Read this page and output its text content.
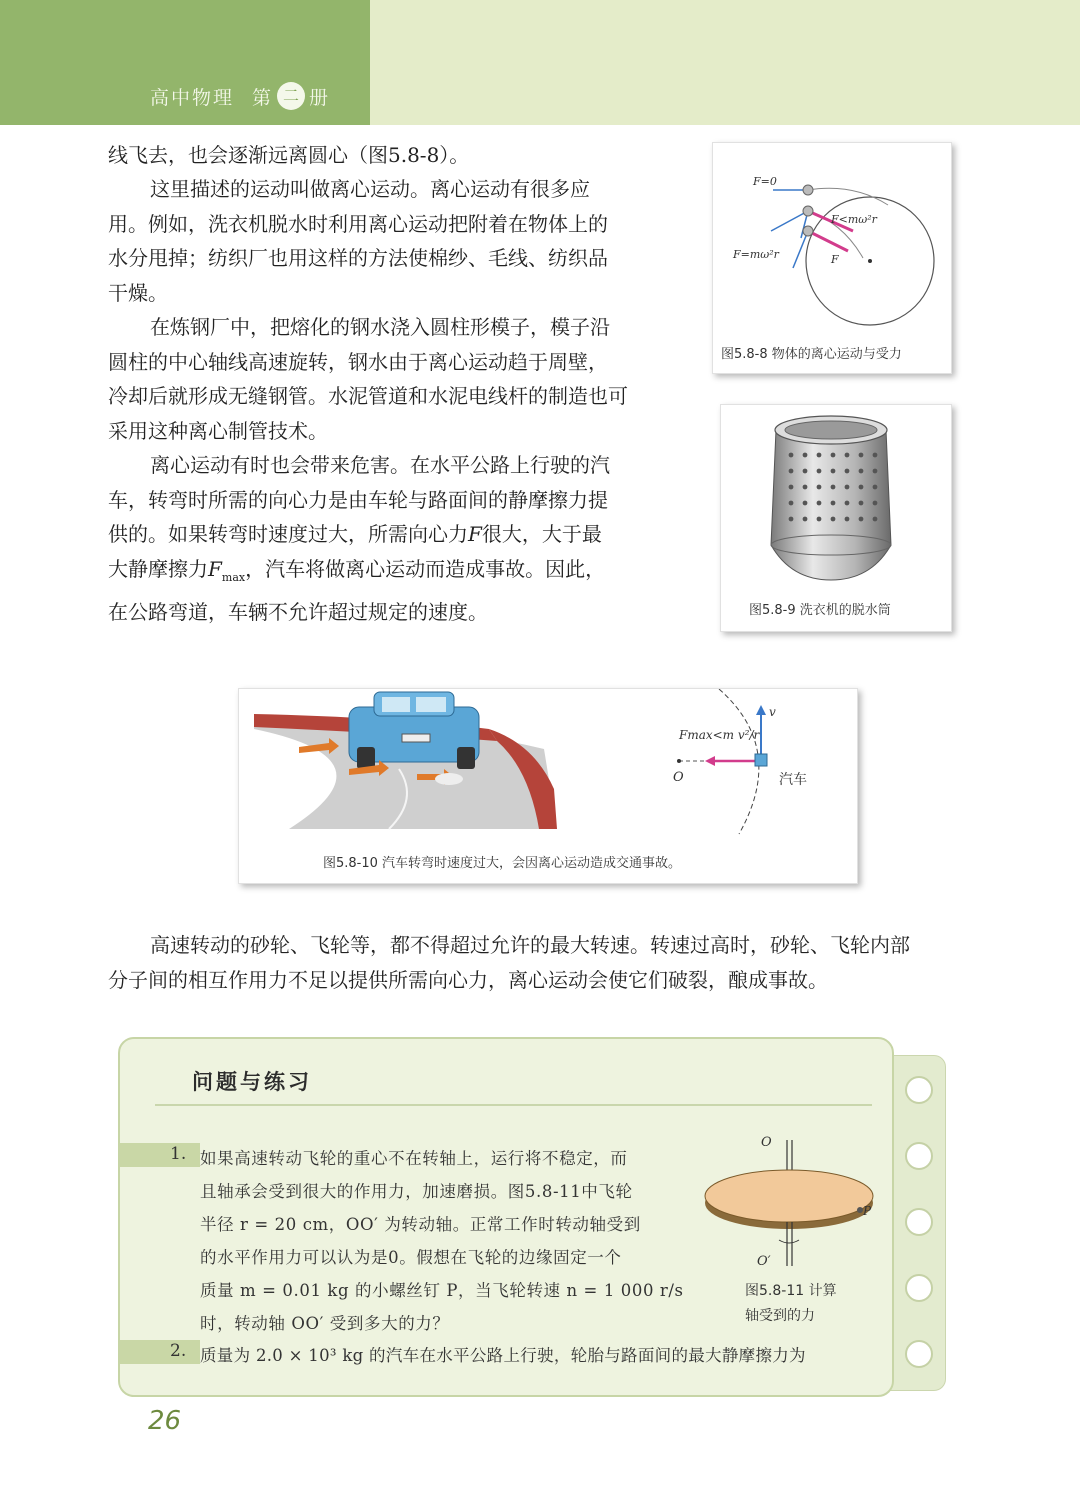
高中物理 第 二 册

线飞去，也会逐渐远离圆心（图5.8-8）。

这里描述的运动叫做离心运动。离心运动有很多应

用。例如，洗衣机脱水时利用离心运动把附着在物体上的

水分甩掉；纺织厂也用这样的方法使棉纱、毛线、纺织品

干燥。

在炼钢厂中，把熔化的钢水浇入圆柱形模子，模子沿

圆柱的中心轴线高速旋转，钢水由于离心运动趋于周壁，

冷却后就形成无缝钢管。水泥管道和水泥电线杆的制造也可

采用这种离心制管技术。

离心运动有时也会带来危害。在水平公路上行驶的汽

车，转弯时所需的向心力是由车轮与路面间的静摩擦力提

供的。如果转弯时速度过大，所需向心力F很大，大于最

大静摩擦力$F_{max}$，汽车将做离心运动而造成事故。因此，

在公路弯道，车辆不允许超过规定的速度。

高速转动的砂轮、飞轮等，都不得超过允许的最大转速。转速过高时，砂轮、飞轮内部

分子间的相互作用力不足以提供所需向心力，离心运动会使它们破裂，酿成事故。

F=0
F<mω²r
F=mω²r	F
图5.8-8 物体的离心运动与受力
图5.8-9 洗衣机的脱水筒
Fmax<m v²/r
v
O	汽车
图5.8-10 汽车转弯时速度过大，会因离心运动造成交通事故。
问题与练习
1. 如果高速转动飞轮的重心不在转轴上，运行将不稳定，而
且轴承会受到很大的作用力，加速磨损。图5.8-11中飞轮
半径 r = 20 cm，OO′ 为转动轴。正常工作时转动轴受到
的水平作用力可以认为是0。假想在飞轮的边缘固定一个
质量 m = 0.01 kg 的小螺丝钉 P，当飞轮转速 n = 1 000 r/s
时，转动轴 OO′ 受到多大的力？
2. 质量为 2.0 × 10³ kg 的汽车在水平公路上行驶，轮胎与路面间的最大静摩擦力为
O
O′
P
图5.8-11 计算
轴受到的力
26
